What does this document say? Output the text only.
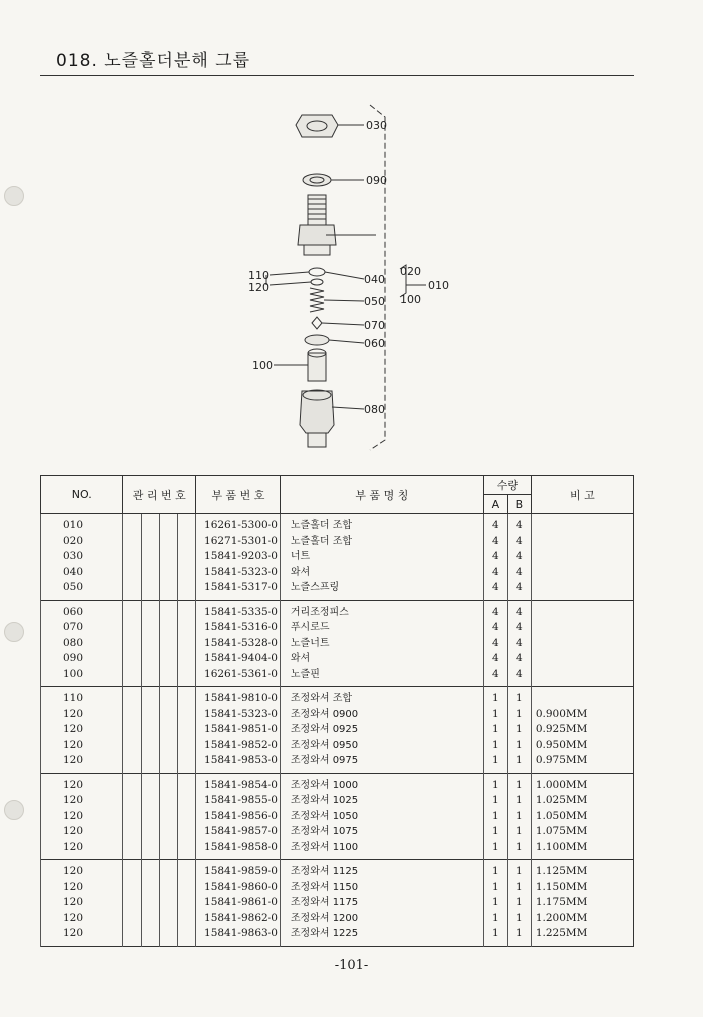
018. 노즐홀더분해 그룹
030
090
040
020
010
050 100
070
060
080
110
120
100
NO.	관 리 번 호				부 품 번 호	부 품 명 칭	수량		비 고
							A	B	
010					16261-5300-0	노즐홀더 조합	4	4	
020					16271-5301-0	노즐홀더 조합	4	4	
030					15841-9203-0	너트	4	4	
040					15841-5323-0	와셔	4	4	
050					15841-5317-0	노즐스프링	4	4	
060					15841-5335-0	거리조정피스	4	4	
070					15841-5316-0	푸시로드	4	4	
080					15841-5328-0	노즐너트	4	4	
090					15841-9404-0	와셔	4	4	
100					16261-5361-0	노즐핀	4	4	
110					15841-9810-0	조정와셔 조합	1	1	
120					15841-5323-0	조정와셔 0900	1	1	0.900MM
120					15841-9851-0	조정와셔 0925	1	1	0.925MM
120					15841-9852-0	조정와셔 0950	1	1	0.950MM
120					15841-9853-0	조정와셔 0975	1	1	0.975MM
120					15841-9854-0	조정와셔 1000	1	1	1.000MM
120					15841-9855-0	조정와셔 1025	1	1	1.025MM
120					15841-9856-0	조정와셔 1050	1	1	1.050MM
120					15841-9857-0	조정와셔 1075	1	1	1.075MM
120					15841-9858-0	조정와셔 1100	1	1	1.100MM
120					15841-9859-0	조정와셔 1125	1	1	1.125MM
120					15841-9860-0	조정와셔 1150	1	1	1.150MM
120					15841-9861-0	조정와셔 1175	1	1	1.175MM
120					15841-9862-0	조정와셔 1200	1	1	1.200MM
120					15841-9863-0	조정와셔 1225	1	1	1.225MM
-101-
